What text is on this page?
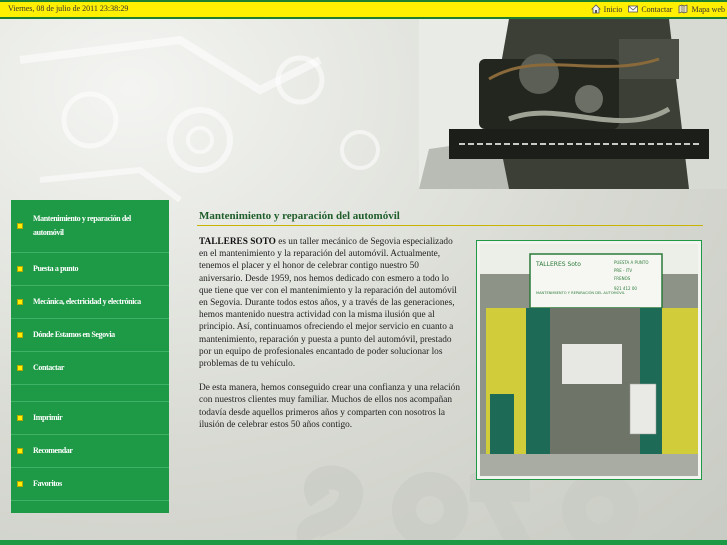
Viernes, 08 de julio de 2011 23:38:29	Inicio Contactar Mapa web
Mantenimiento y reparación del automóvil
Puesta a punto
Mecánica, electricidad y electrónica
Dónde Estamos en Segovia
Contactar
Imprimir
Recomendar
Favoritos
Mantenimiento y reparación del automóvil

TALLERES SOTO es un taller mecánico de Segovia especializado en el mantenimiento y la reparación del automóvil. Actualmente, tenemos el placer y el honor de celebrar contigo nuestro 50 aniversario. Desde 1959, nos hemos dedicado con esmero a todo lo que tiene que ver con el mantenimiento y la reparación del automóvil en Segovia. Durante todos estos años, y a través de las generaciones, hemos mantenido nuestra actividad con la misma ilusión que al principio. Así, continuamos ofreciendo el mejor servicio en cuanto a mantenimiento, reparación y puesta a punto del automóvil, prestado por un equipo de profesionales encantado de poder solucionar los problemas de tu vehículo.

De esta manera, hemos conseguido crear una confianza y una relación con nuestros clientes muy familiar. Muchos de ellos nos acompañan todavía desde aquellos primeros años y comparten con nosotros la ilusión de celebrar estos 50 años contigo.

TALLERES Soto	PUESTA A PUNTO
PRE - ITV
FRENOS
MANTENIMIENTO Y REPARACIÓN DEL AUTOMÓVIL
921 412 00
